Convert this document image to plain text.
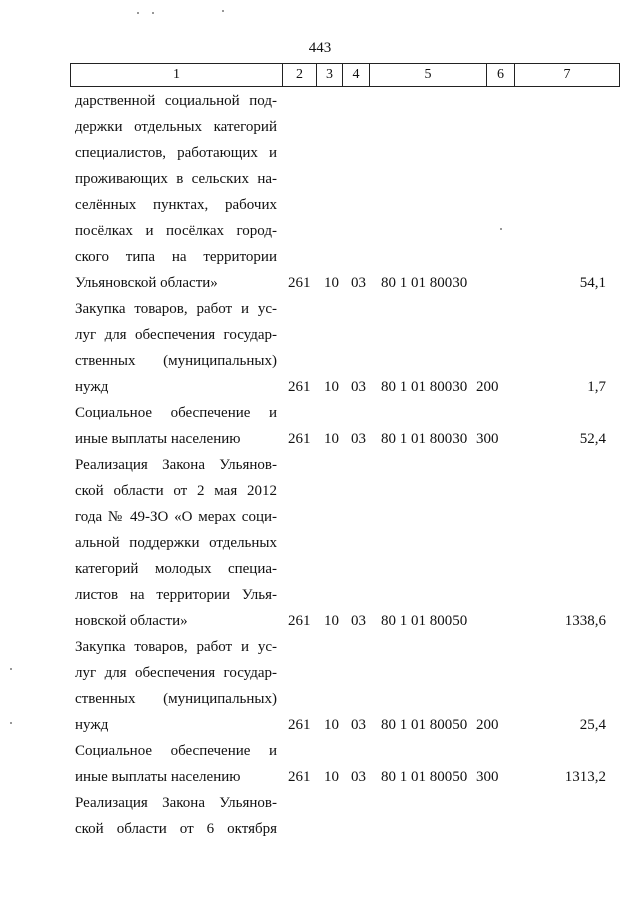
443
1	2	3	4	5	6	7
дарственной социальной под-
держки отдельных категорий
специалистов, работающих и
проживающих в сельских на-
селённых пунктах, рабочих
посёлках и посёлках город-
ского типа на территории
Ульяновской области»	261 10 03 80 1 01 80030	54,1
Закупка товаров, работ и ус-
луг для обеспечения государ-
ственных (муниципальных)
нужд	261 10 03 80 1 01 80030 200	1,7
Социальное обеспечение и
иные выплаты населению	261 10 03 80 1 01 80030 300	52,4
Реализация Закона Ульянов-
ской области от 2 мая 2012
года № 49-ЗО «О мерах соци-
альной поддержки отдельных
категорий молодых специа-
листов на территории Улья-
новской области»	261 10 03 80 1 01 80050	1338,6
Закупка товаров, работ и ус-
луг для обеспечения государ-
ственных (муниципальных)
нужд	261 10 03 80 1 01 80050 200	25,4
Социальное обеспечение и
иные выплаты населению	261 10 03 80 1 01 80050 300	1313,2
Реализация Закона Ульянов-
ской области от 6 октября
